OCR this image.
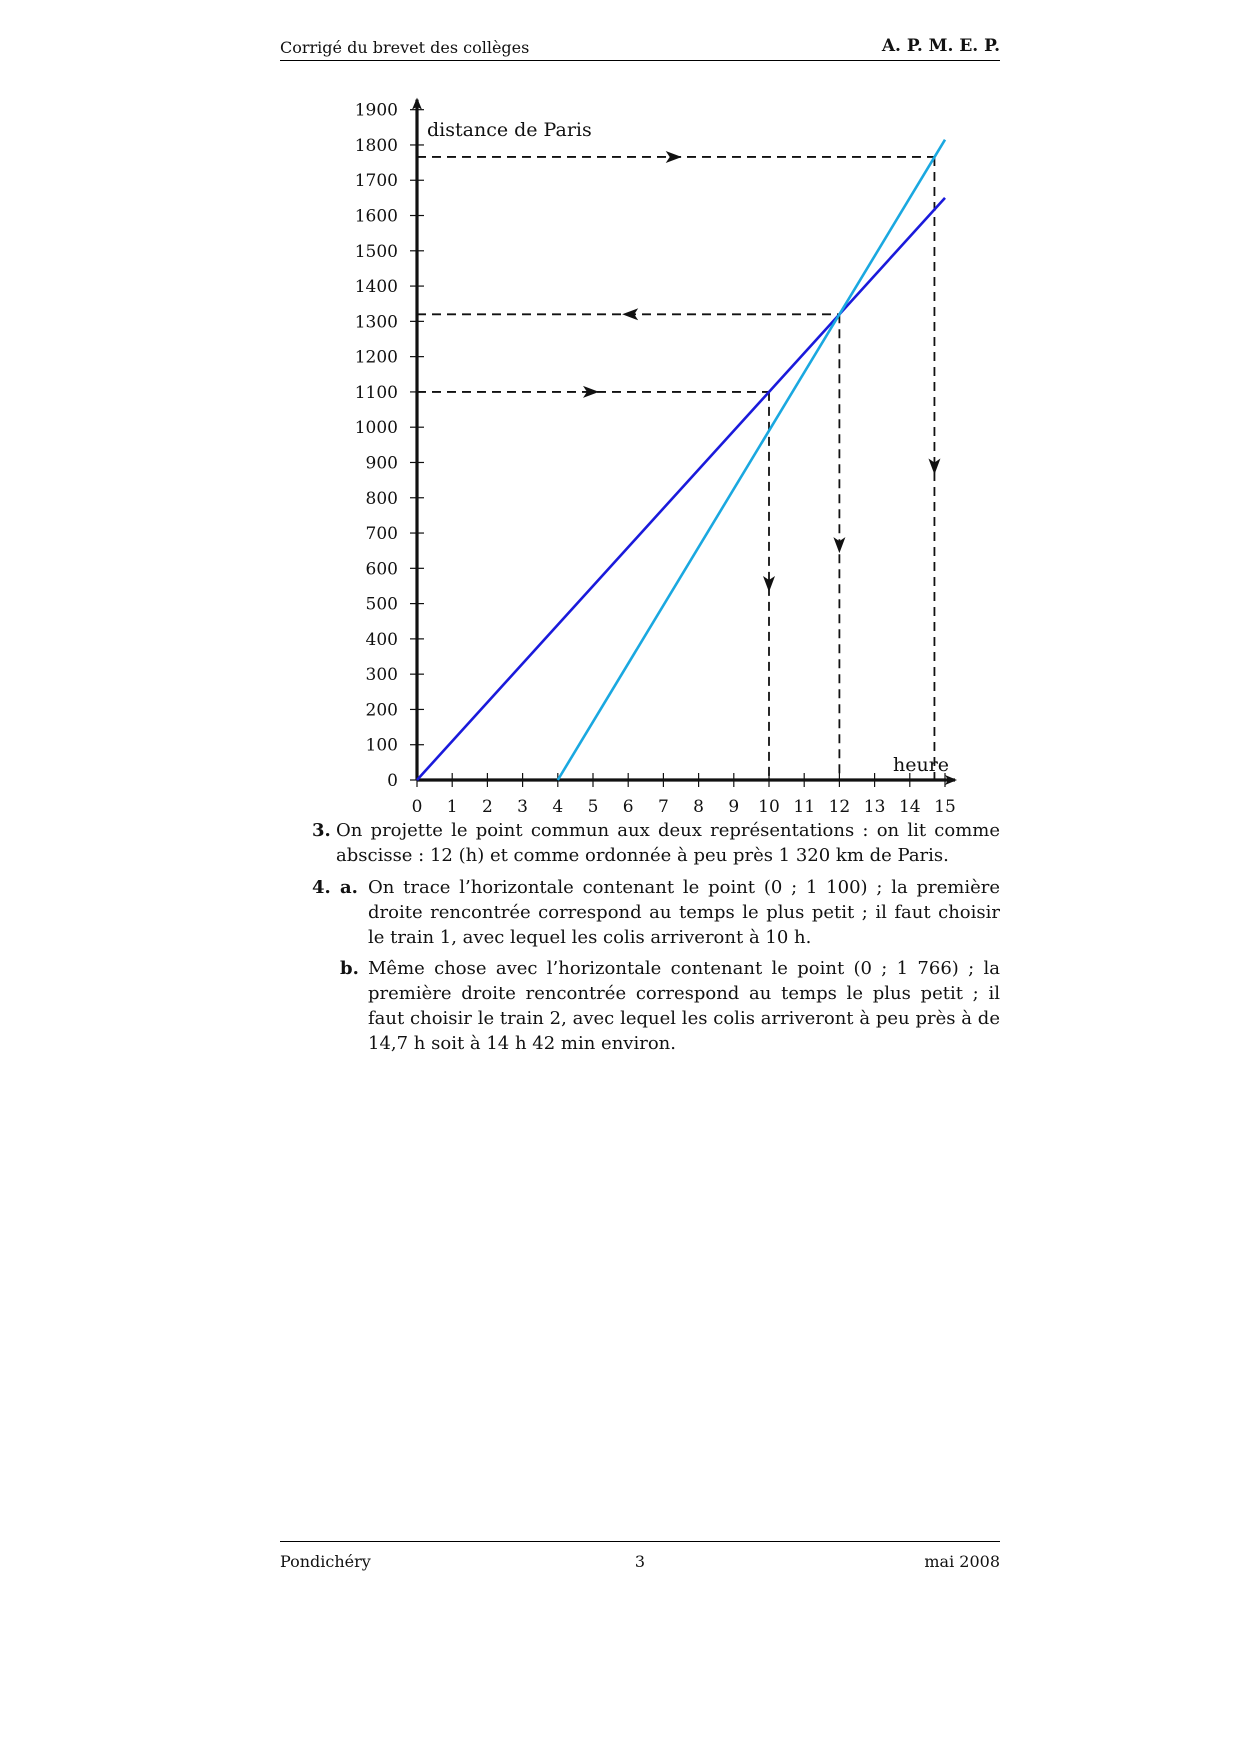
Corrigé du brevet des collèges	A. P. M. E. P.
0 1 2 3 4 5 6 7 8 9 10 11 12 13 14 15
0
100
200
300
400
500
600
700
800
900
1000
1100
1200
1300
1400
1500
1600
1700
1800
1900
distance de Paris
heure
3. On projette le point commun aux deux représentations : on lit comme abscisse : 12 (h) et comme ordonnée à peu près 1 320 km de Paris.
4. a. On trace l’horizontale contenant le point (0 ; 1 100) ; la première droite rencontrée correspond au temps le plus petit ; il faut choisir le train 1, avec lequel les colis arriveront à 10 h.
b. Même chose avec l’horizontale contenant le point (0 ; 1 766) ; la première droite rencontrée correspond au temps le plus petit ; il faut choisir le train 2, avec lequel les colis arriveront à peu près à de 14,7 h soit à 14 h 42 min environ.
Pondichéry	3	mai 2008
